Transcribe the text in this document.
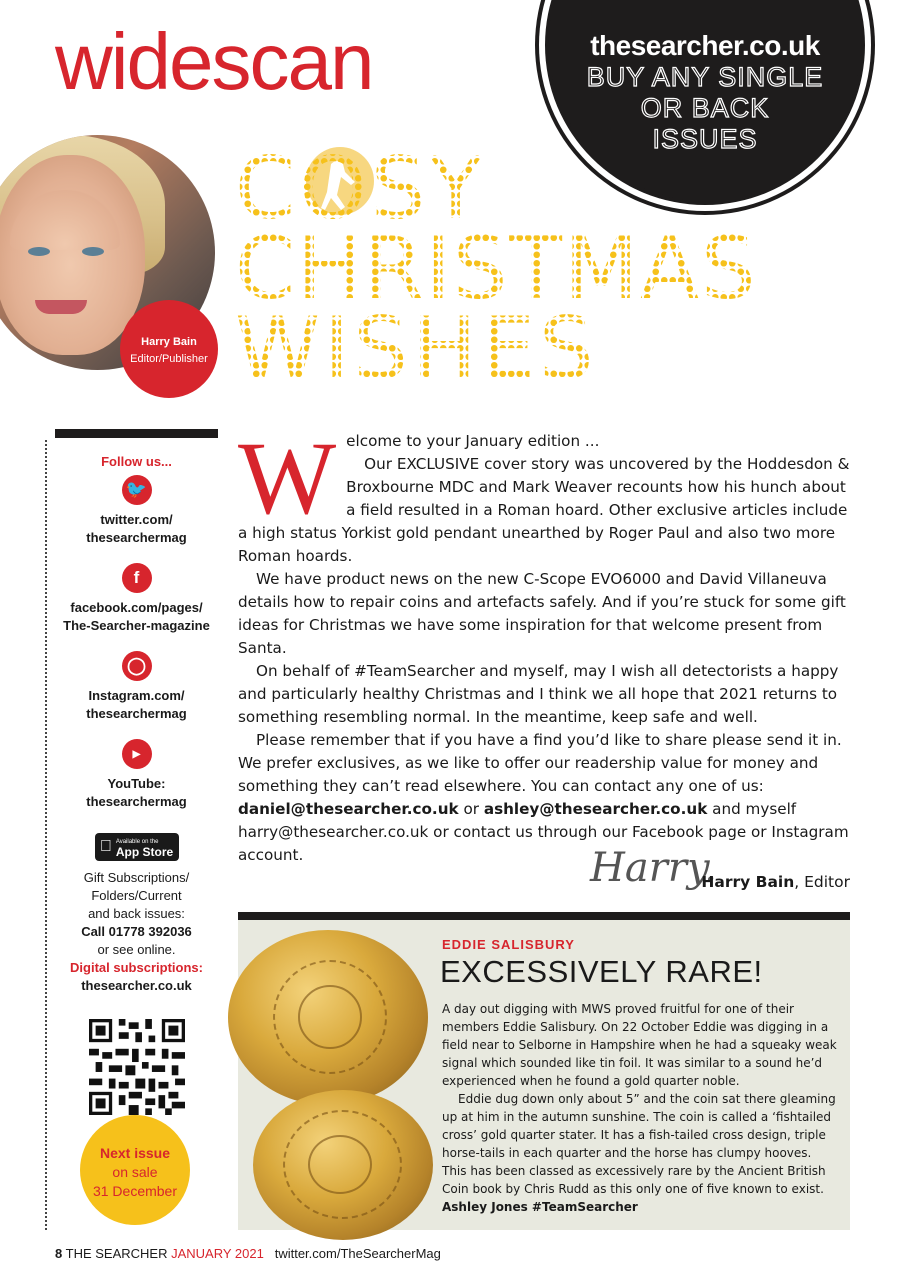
widescan	thesearcher.co.uk
BUY ANY SINGLE
OR BACK
ISSUES
Harry Bain
Editor/Publisher
COSY
CHRISTMAS
WISHES
Follow us...
🐦
twitter.com/
thesearchermag
f
facebook.com/pages/
The-Searcher-magazine
◯
Instagram.com/
thesearchermag
▶
YouTube:
thesearchermag
Available on the
App Store
Gift Subscriptions/
Folders/Current
and back issues:
Call 01778 392036
or see online.
Digital subscriptions:
thesearcher.co.uk
Next issue
on sale
31 December
W elcome to your January edition ...

Our EXCLUSIVE cover story was uncovered by the Hoddesdon & Broxbourne MDC and Mark Weaver recounts how his hunch about a field resulted in a Roman hoard. Other exclusive articles include a high status Yorkist gold pendant unearthed by Roger Paul and also two more Roman hoards.

We have product news on the new C-Scope EVO6000 and David Villaneuva details how to repair coins and artefacts safely. And if you’re stuck for some gift ideas for Christmas we have some inspiration for that welcome present from Santa.

On behalf of #TeamSearcher and myself, may I wish all detectorists a happy and particularly healthy Christmas and I think we all hope that 2021 returns to something resembling normal. In the meantime, keep safe and well.

Please remember that if you have a find you’d like to share please send it in. We prefer exclusives, as we like to offer our readership value for money and something they can’t read elsewhere. You can contact any one of us: daniel@thesearcher.co.uk or ashley@thesearcher.co.uk and myself harry@thesearcher.co.uk or contact us through our Facebook page or Instagram account.	Harry.
Harry Bain, Editor
EDDIE SALISBURY
EXCESSIVELY RARE!

A day out digging with MWS proved fruitful for one of their members Eddie Salisbury. On 22 October Eddie was digging in a field near to Selborne in Hampshire when he had a squeaky weak signal which sounded like tin foil. It was similar to a sound he’d experienced when he found a gold quarter noble.

Eddie dug down only about 5” and the coin sat there gleaming up at him in the autumn sunshine. The coin is called a ‘fishtailed cross’ gold quarter stater. It has a fish-tailed cross design, triple horse-tails in each quarter and the horse has clumpy hooves. This has been classed as excessively rare by the Ancient British Coin book by Chris Rudd as this only one of five known to exist.

Ashley Jones #TeamSearcher

8 THE SEARCHER JANUARY 2021 twitter.com/TheSearcherMag
